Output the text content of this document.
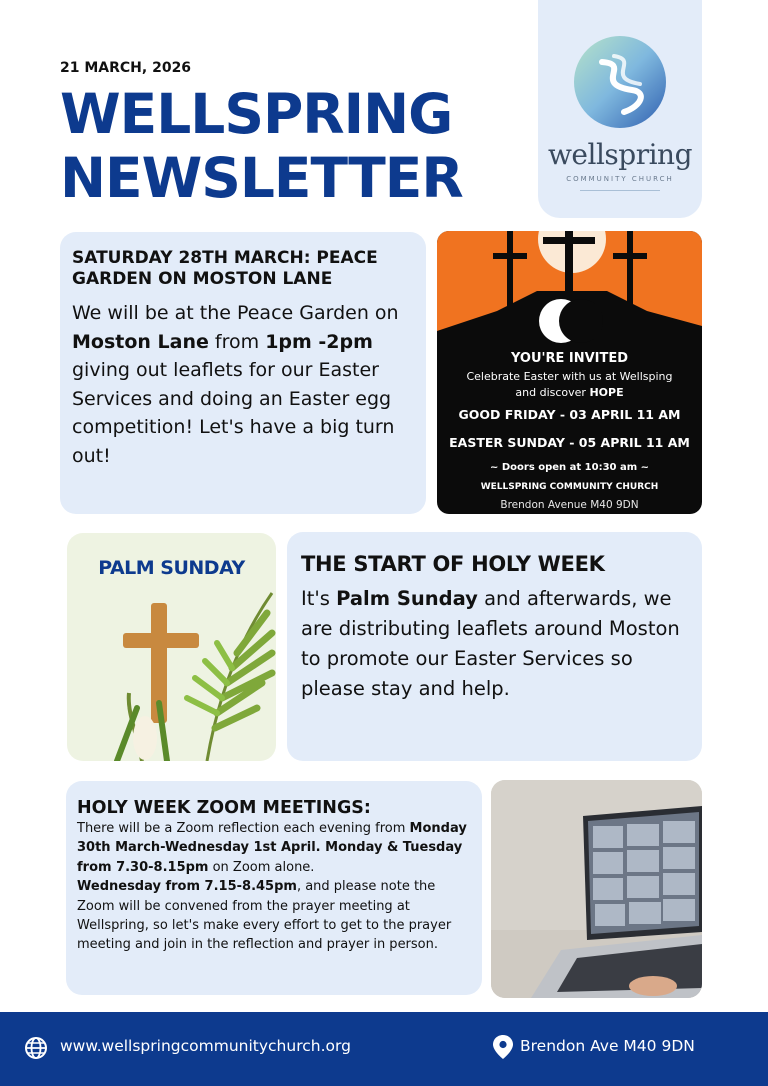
21 MARCH, 2026
WELLSPRING
NEWSLETTER	wellspring
COMMUNITY CHURCH
SATURDAY 28TH MARCH: PEACE GARDEN ON MOSTON LANE

We will be at the Peace Garden on Moston Lane from 1pm -2pm giving out leaflets for our Easter Services and doing an Easter egg competition! Let's have a big turn out!

YOU'RE INVITED
Celebrate Easter with us at Wellsping
and discover HOPE
GOOD FRIDAY - 03 APRIL 11 AM
EASTER SUNDAY - 05 APRIL 11 AM
~ Doors open at 10:30 am ~
WELLSPRING COMMUNITY CHURCH
Brendon Avenue M40 9DN
PALM SUNDAY	THE START OF HOLY WEEK

It's Palm Sunday and afterwards, we are distributing leaflets around Moston to promote our Easter Services so please stay and help.

HOLY WEEK ZOOM MEETINGS:

There will be a Zoom reflection each evening from Monday 30th March-Wednesday 1st April. Monday & Tuesday from 7.30-8.15pm on Zoom alone.
Wednesday from 7.15-8.45pm, and please note the Zoom will be convened from the prayer meeting at Wellspring, so let's make every effort to get to the prayer meeting and join in the reflection and prayer in person.

www.wellspringcommunitychurch.org	Brendon Ave M40 9DN
